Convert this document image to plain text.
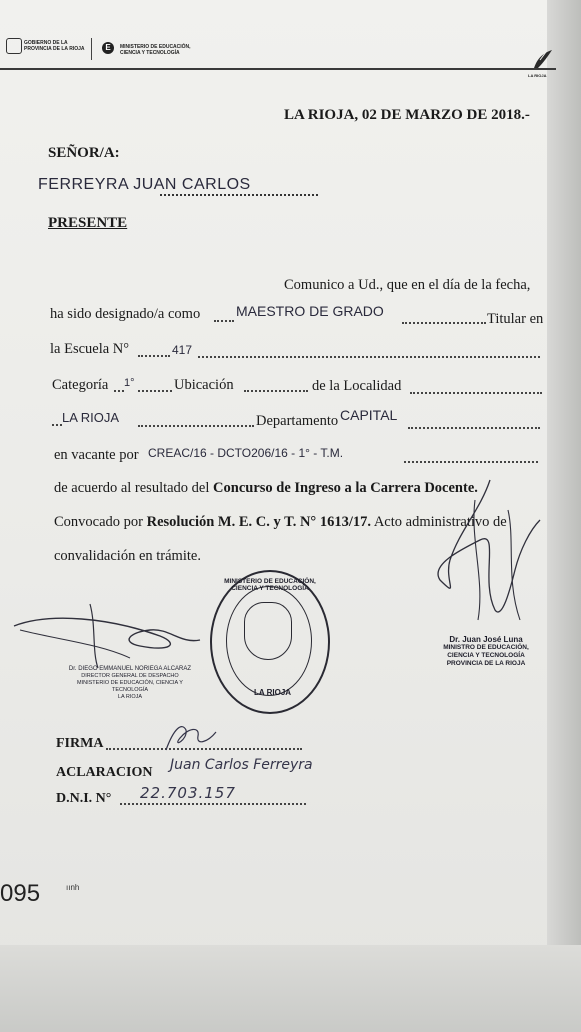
GOBIERNO DE LA PROVINCIA DE LA RIOJA	E	MINISTERIO DE EDUCACIÓN, CIENCIA Y TECNOLOGÍA
LA RIOJA
LA RIOJA, 02 DE MARZO DE 2018.-
SEÑOR/A:
FERREYRA JUAN CARLOS
PRESENTE
Comunico a Ud., que en el día de la fecha,
ha sido designado/a como	MAESTRO DE GRADO	Titular en
la Escuela N°	417
Categoría 1°	Ubicación	de la Localidad
LA RIOJA	Departamento CAPITAL
en vacante por CREAC/16 - DCTO206/16 - 1° - T.M.
de acuerdo al resultado del Concurso de Ingreso a la Carrera Docente.
Convocado por Resolución M. E. C. y T. N° 1613/17. Acto administrativo de
convalidación en trámite.
Dr. Juan José Luna
MINISTRO DE EDUCACIÓN,
CIENCIA Y TECNOLOGÍA
PROVINCIA DE LA RIOJA
Dr. DIEGO EMMANUEL NORIEGA ALCARAZ
DIRECTOR GENERAL DE DESPACHO
MINISTERIO DE EDUCACIÓN, CIENCIA Y TECNOLOGÍA
LA RIOJA
MINISTERIO DE EDUCACIÓN, CIENCIA Y TECNOLOGÍA
LA RIOJA
FIRMA
ACLARACION Juan Carlos Ferreyra
D.N.I. N° 22.703.157
095	ıınh
